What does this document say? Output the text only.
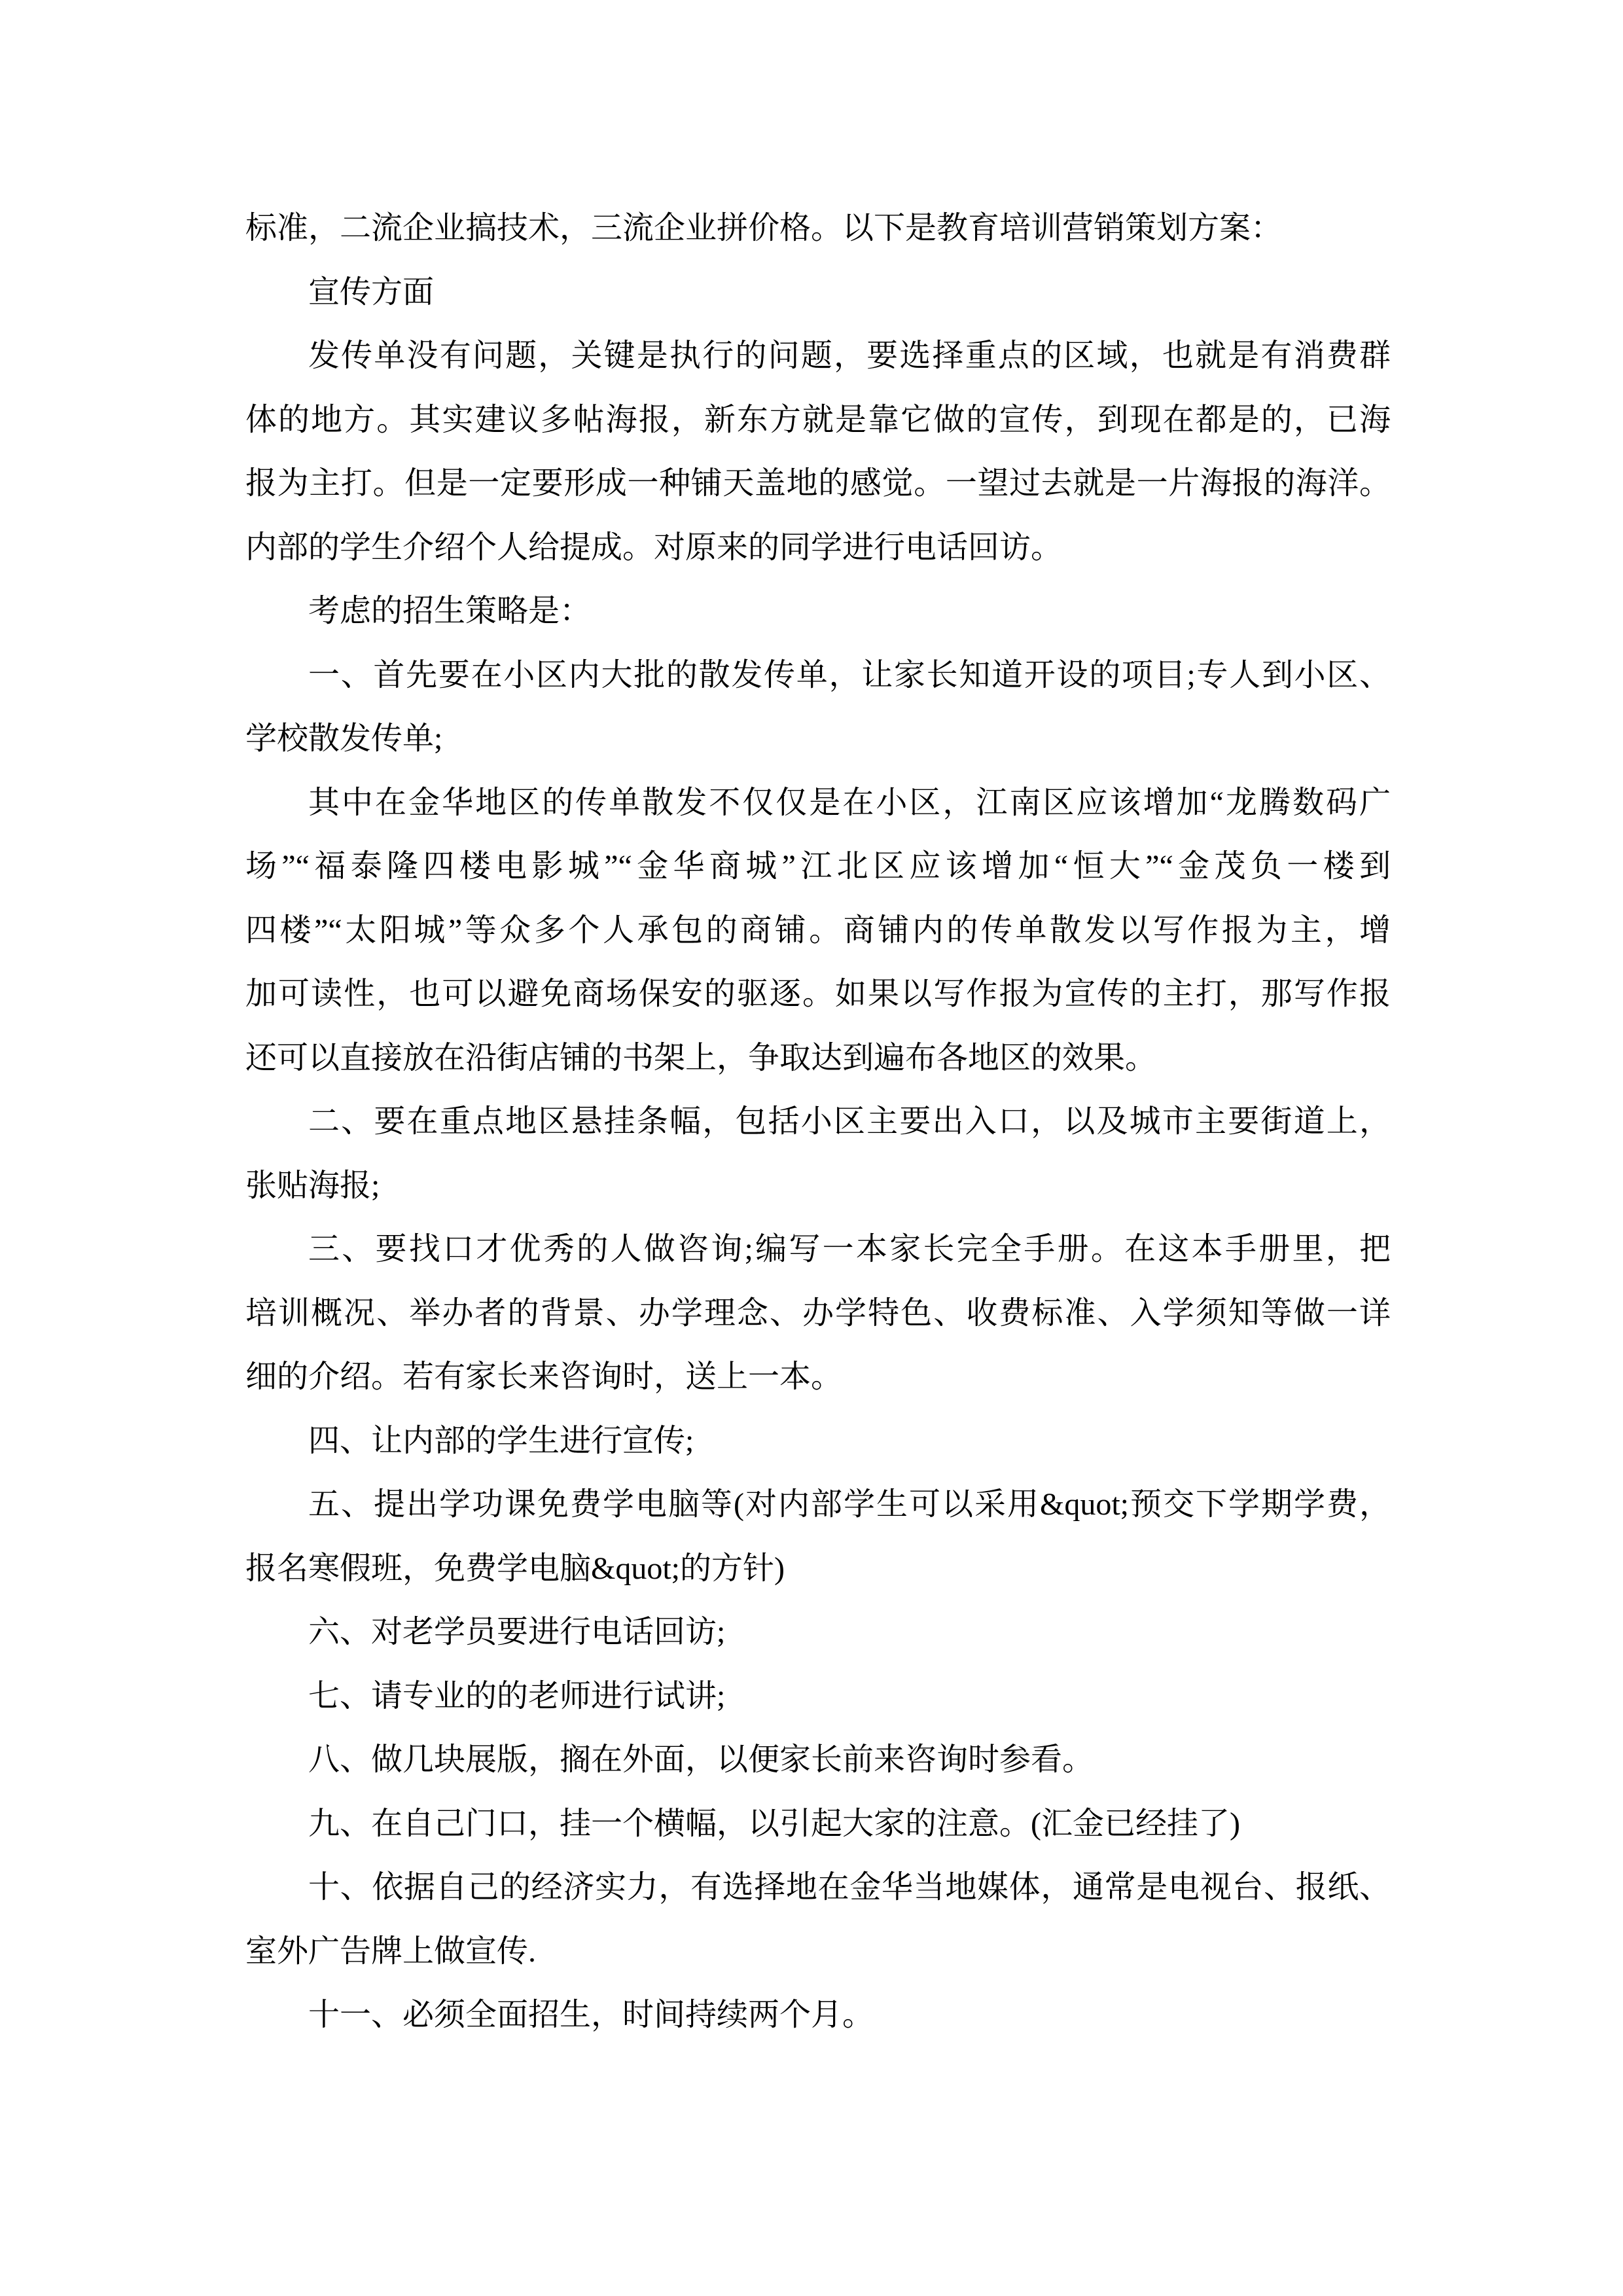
标准，二流企业搞技术，三流企业拼价格。以下是教育培训营销策划方案：
宣传方面
发传单没有问题，关键是执行的问题，要选择重点的区域，也就是有消费群
体的地方。其实建议多帖海报，新东方就是靠它做的宣传，到现在都是的，已海
报为主打。但是一定要形成一种铺天盖地的感觉。一望过去就是一片海报的海洋。
内部的学生介绍个人给提成。对原来的同学进行电话回访。
考虑的招生策略是：
一、首先要在小区内大批的散发传单，让家长知道开设的项目;专人到小区、
学校散发传单;
其中在金华地区的传单散发不仅仅是在小区，江南区应该增加“龙腾数码广
场”“福泰隆四楼电影城”“金华商城”江北区应该增加“恒大”“金茂负一楼到
四楼”“太阳城”等众多个人承包的商铺。商铺内的传单散发以写作报为主，增
加可读性，也可以避免商场保安的驱逐。如果以写作报为宣传的主打，那写作报
还可以直接放在沿街店铺的书架上，争取达到遍布各地区的效果。
二、要在重点地区悬挂条幅，包括小区主要出入口，以及城市主要街道上，
张贴海报;
三、要找口才优秀的人做咨询;编写一本家长完全手册。在这本手册里，把
培训概况、举办者的背景、办学理念、办学特色、收费标准、入学须知等做一详
细的介绍。若有家长来咨询时，送上一本。
四、让内部的学生进行宣传;
五、提出学功课免费学电脑等(对内部学生可以采用&quot;预交下学期学费，
报名寒假班，免费学电脑&quot;的方针)
六、对老学员要进行电话回访;
七、请专业的的老师进行试讲;
八、做几块展版，搁在外面，以便家长前来咨询时参看。
九、在自己门口，挂一个横幅，以引起大家的注意。(汇金已经挂了)
十、依据自己的经济实力，有选择地在金华当地媒体，通常是电视台、报纸、
室外广告牌上做宣传.
十一、必须全面招生，时间持续两个月。
